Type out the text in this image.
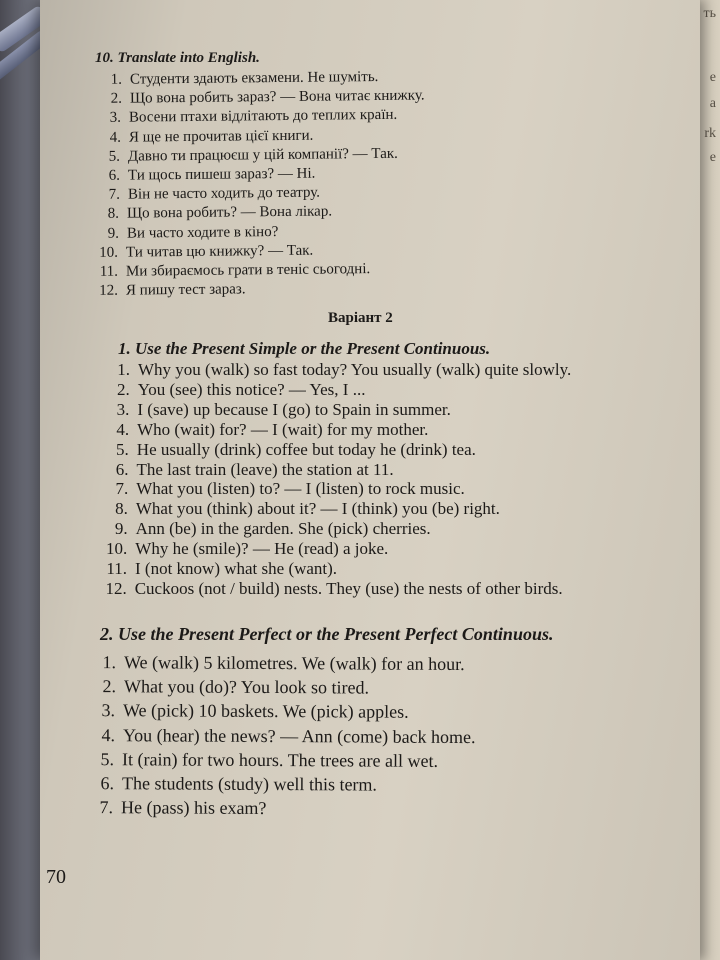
ть
е
а
rk
е
10. Translate into English.
1. Студенти здають екзамени. Не шуміть.
2. Що вона робить зараз? — Вона читає книжку.
3. Восени птахи відлітають до теплих країн.
4. Я ще не прочитав цієї книги.
5. Давно ти працюєш у цій компанії? — Так.
6. Ти щось пишеш зараз? — Ні.
7. Він не часто ходить до театру.
8. Що вона робить? — Вона лікар.
9. Ви часто ходите в кіно?
10. Ти читав цю книжку? — Так.
11. Ми збираємось грати в теніс сьогодні.
12. Я пишу тест зараз.
Варіант 2
1. Use the Present Simple or the Present Continuous.
1. Why you (walk) so fast today? You usually (walk) quite slowly.
2. You (see) this notice? — Yes, I ...
3. I (save) up because I (go) to Spain in summer.
4. Who (wait) for? — I (wait) for my mother.
5. He usually (drink) coffee but today he (drink) tea.
6. The last train (leave) the station at 11.
7. What you (listen) to? — I (listen) to rock music.
8. What you (think) about it? — I (think) you (be) right.
9. Ann (be) in the garden. She (pick) cherries.
10. Why he (smile)? — He (read) a joke.
11. I (not know) what she (want).
12. Cuckoos (not / build) nests. They (use) the nests of other birds.
2. Use the Present Perfect or the Present Perfect Continuous.
1. We (walk) 5 kilometres. We (walk) for an hour.
2. What you (do)? You look so tired.
3. We (pick) 10 baskets. We (pick) apples.
4. You (hear) the news? — Ann (come) back home.
5. It (rain) for two hours. The trees are all wet.
6. The students (study) well this term.
7. He (pass) his exam?
70
